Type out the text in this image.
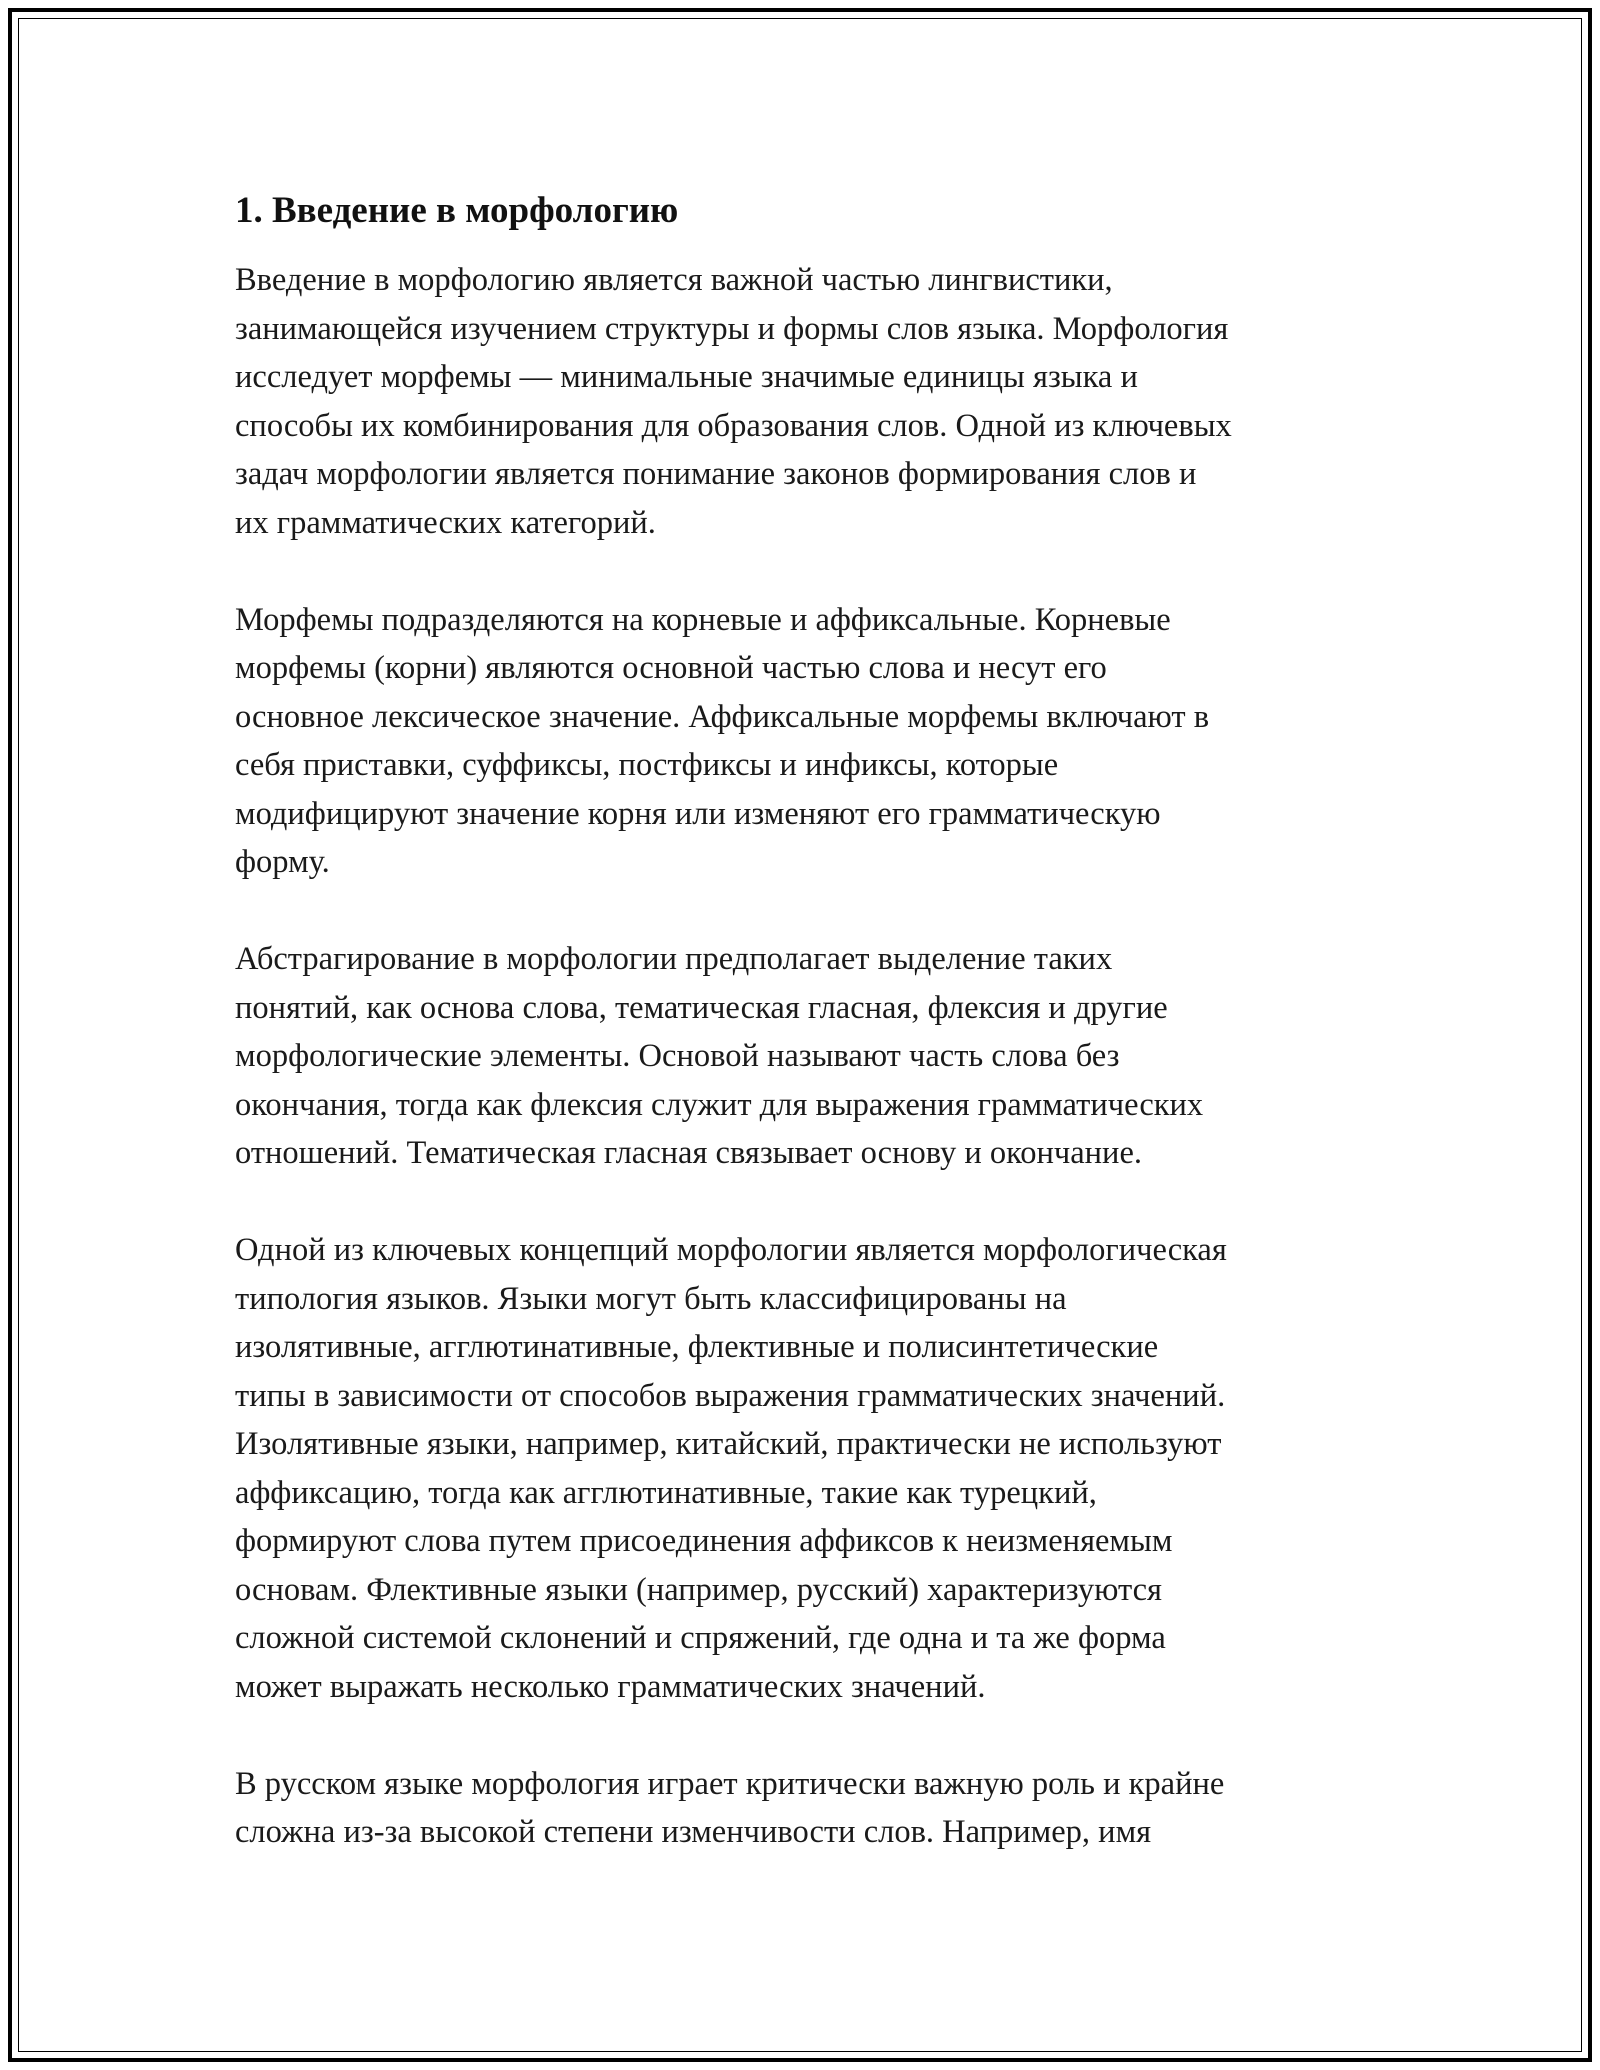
1. Введение в морфологию

Введение в морфологию является важной частью лингвистики,
занимающейся изучением структуры и формы слов языка. Морфология
исследует морфемы — минимальные значимые единицы языка и
способы их комбинирования для образования слов. Одной из ключевых
задач морфологии является понимание законов формирования слов и
их грамматических категорий.

Морфемы подразделяются на корневые и аффиксальные. Корневые
морфемы (корни) являются основной частью слова и несут его
основное лексическое значение. Аффиксальные морфемы включают в
себя приставки, суффиксы, постфиксы и инфиксы, которые
модифицируют значение корня или изменяют его грамматическую
форму.

Абстрагирование в морфологии предполагает выделение таких
понятий, как основа слова, тематическая гласная, флексия и другие
морфологические элементы. Основой называют часть слова без
окончания, тогда как флексия служит для выражения грамматических
отношений. Тематическая гласная связывает основу и окончание.

Одной из ключевых концепций морфологии является морфологическая
типология языков. Языки могут быть классифицированы на
изолятивные, агглютинативные, флективные и полисинтетические
типы в зависимости от способов выражения грамматических значений.
Изолятивные языки, например, китайский, практически не используют
аффиксацию, тогда как агглютинативные, такие как турецкий,
формируют слова путем присоединения аффиксов к неизменяемым
основам. Флективные языки (например, русский) характеризуются
сложной системой склонений и спряжений, где одна и та же форма
может выражать несколько грамматических значений.

В русском языке морфология играет критически важную роль и крайне
сложна из-за высокой степени изменчивости слов. Например, имя
